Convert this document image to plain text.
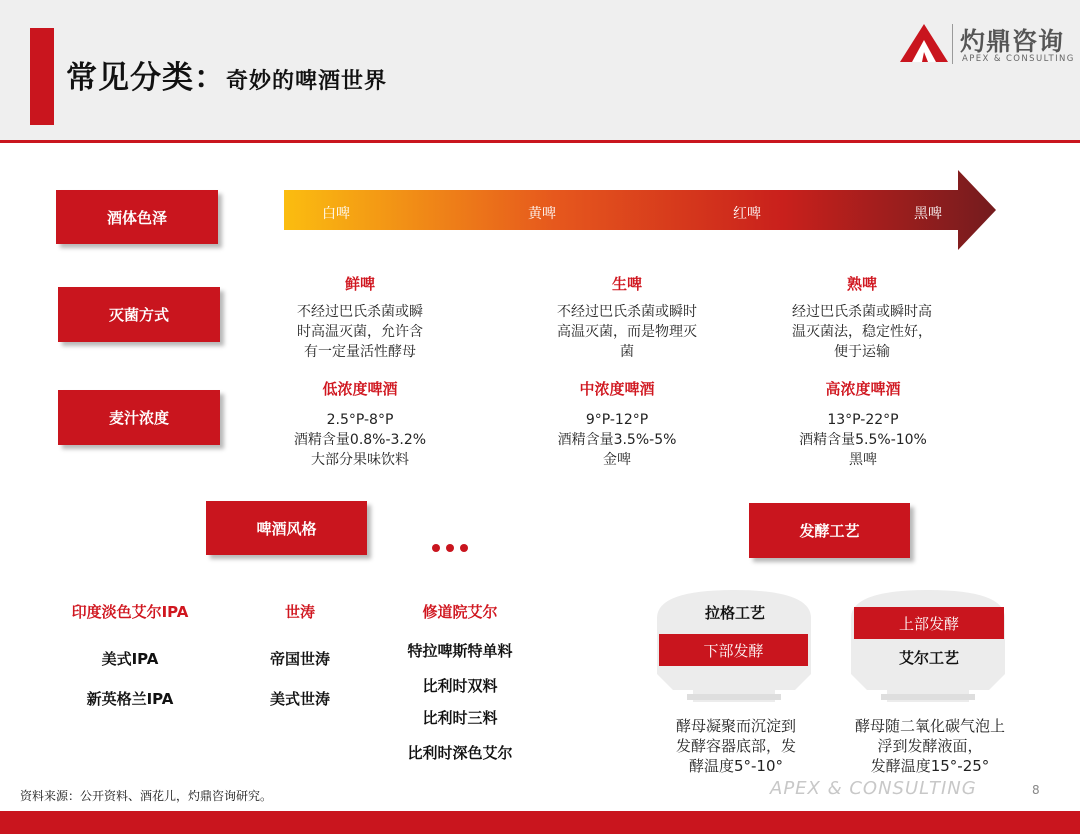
常见分类：奇妙的啤酒世界
灼鼎咨询
APEX & CONSULTING
酒体色泽
灭菌方式
麦汁浓度
白啤	黄啤	红啤	黑啤
鲜啤
不经过巴氏杀菌或瞬
时高温灭菌，允许含
有一定量活性酵母
生啤
不经过巴氏杀菌或瞬时
高温灭菌，而是物理灭
菌
熟啤
经过巴氏杀菌或瞬时高
温灭菌法，稳定性好，
便于运输
低浓度啤酒
2.5°P-8°P
酒精含量0.8%-3.2%
大部分果味饮料
中浓度啤酒
9°P-12°P
酒精含量3.5%-5%
金啤
高浓度啤酒
13°P-22°P
酒精含量5.5%-10%
黑啤
啤酒风格	发酵工艺
印度淡色艾尔IPA
美式IPA
新英格兰IPA
世涛
帝国世涛
美式世涛
修道院艾尔
特拉啤斯特单料
比利时双料
比利时三料
比利时深色艾尔
拉格工艺
下部发酵
酵母凝聚而沉淀到
发酵容器底部，发
酵温度5°-10°
上部发酵
艾尔工艺
酵母随二氧化碳气泡上
浮到发酵液面，
发酵温度15°-25°
资料来源：公开资料、酒花儿，灼鼎咨询研究。	APEX & CONSULTING	8
